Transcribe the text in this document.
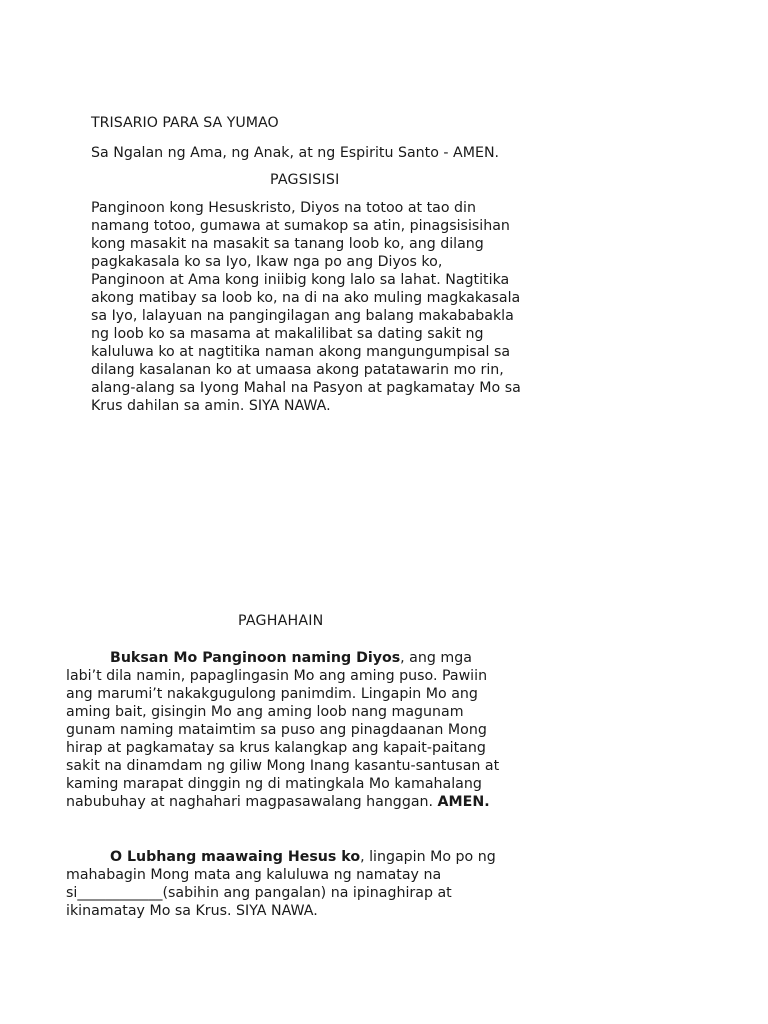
TRISARIO PARA SA YUMAO
Sa Ngalan ng Ama, ng Anak, at ng Espiritu Santo - AMEN.
PAGSISISI
Panginoon kong Hesuskristo, Diyos na totoo at tao din
namang totoo, gumawa at sumakop sa atin, pinagsisisihan
kong masakit na masakit sa tanang loob ko, ang dilang
pagkakasala ko sa Iyo, Ikaw nga po ang Diyos ko,
Panginoon at Ama kong iniibig kong lalo sa lahat. Nagtitika
akong matibay sa loob ko, na di na ako muling magkakasala
sa Iyo, lalayuan na pangingilagan ang balang makababakla
ng loob ko sa masama at makalilibat sa dating sakit ng
kaluluwa ko at nagtitika naman akong mangungumpisal sa
dilang kasalanan ko at umaasa akong patatawarin mo rin,
alang-alang sa Iyong Mahal na Pasyon at pagkamatay Mo sa
Krus dahilan sa amin. SIYA NAWA.
PAGHAHAIN
Buksan Mo Panginoon naming Diyos, ang mga
labi’t dila namin, papaglingasin Mo ang aming puso. Pawiin
ang marumi’t nakakgugulong panimdim. Lingapin Mo ang
aming bait, gisingin Mo ang aming loob nang magunam
gunam naming mataimtim sa puso ang pinagdaanan Mong
hirap at pagkamatay sa krus kalangkap ang kapait-paitang
sakit na dinamdam ng giliw Mong Inang kasantu-santusan at
kaming marapat dinggin ng di matingkala Mo kamahalang
nabubuhay at naghahari magpasawalang hanggan. AMEN.
O Lubhang maawaing Hesus ko, lingapin Mo po ng
mahabagin Mong mata ang kaluluwa ng namatay na
si____________(sabihin ang pangalan) na ipinaghirap at
ikinamatay Mo sa Krus. SIYA NAWA.
